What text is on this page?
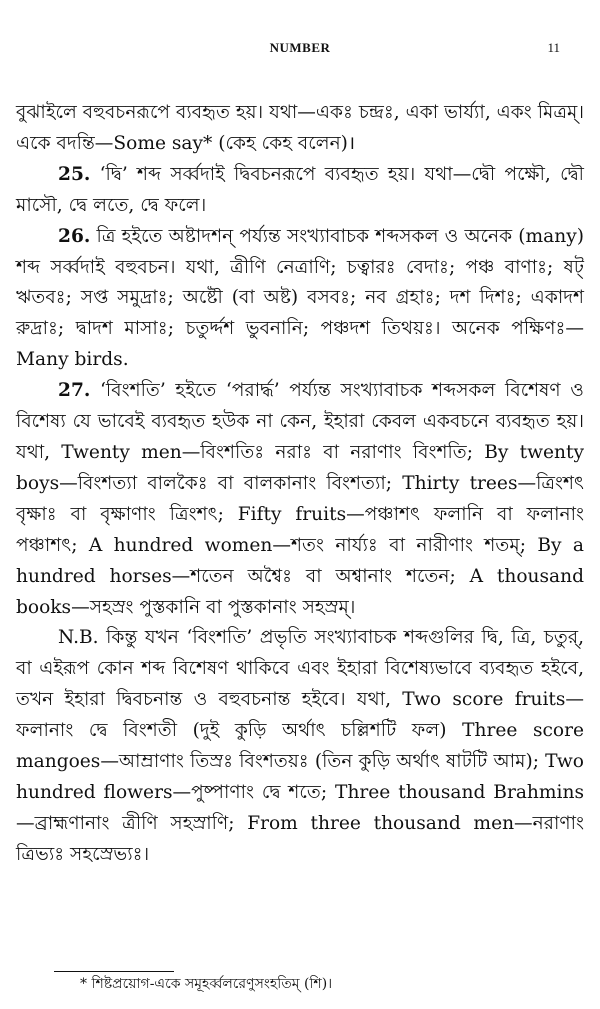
NUMBER	11

বুঝাইলে বহুবচনরূপে ব্যবহৃত হয়। যথা—একঃ চন্দ্রঃ, একা ভার্য্যা, একং মিত্রম্। একে বদন্তি—Some say* (কেহ কেহ বলেন)।

25. ‘দ্বি’ শব্দ সর্ব্বদাই দ্বিবচনরূপে ব্যবহৃত হয়। যথা—দ্বৌ পক্ষৌ, দ্বৌ মাসৌ, দ্বে লতে, দ্বে ফলে।

26. ত্রি হইতে অষ্টাদশন্ পর্য্যন্ত সংখ্যাবাচক শব্দসকল ও অনেক (many) শব্দ সর্ব্বদাই বহুবচন। যথা, ত্রীণি নেত্রাণি; চত্বারঃ বেদাঃ; পঞ্চ বাণাঃ; ষট্ ঋতবঃ; সপ্ত সমুদ্রাঃ; অষ্টৌ (বা অষ্ট) বসবঃ; নব গ্রহাঃ; দশ দিশঃ; একাদশ রুদ্রাঃ; দ্বাদশ মাসাঃ; চতুর্দ্দশ ভুবনানি; পঞ্চদশ তিথয়ঃ। অনেক পক্ষিণঃ—Many birds.

27. ‘বিংশতি’ হইতে ‘পরার্দ্ধ’ পর্য্যন্ত সংখ্যাবাচক শব্দসকল বিশেষণ ও বিশেষ্য যে ভাবেই ব্যবহৃত হউক না কেন, ইহারা কেবল একবচনে ব্যবহৃত হয়। যথা, Twenty men—বিংশতিঃ নরাঃ বা নরাণাং বিংশতি; By twenty boys—বিংশত্যা বালকৈঃ বা বালকানাং বিংশত্যা; Thirty trees—ত্রিংশৎ বৃক্ষাঃ বা বৃক্ষাণাং ত্রিংশৎ; Fifty fruits—পঞ্চাশৎ ফলানি বা ফলানাং পঞ্চাশৎ; A hundred women—শতং নার্য্যঃ বা নারীণাং শতম্; By a hundred horses—শতেন অশ্বৈঃ বা অশ্বানাং শতেন; A thousand books—সহস্রং পুস্তকানি বা পুস্তকানাং সহস্রম্।

N.B. কিন্তু যখন ‘বিংশতি’ প্রভৃতি সংখ্যাবাচক শব্দগুলির দ্বি, ত্রি, চতুর্, বা এইরূপ কোন শব্দ বিশেষণ থাকিবে এবং ইহারা বিশেষ্যভাবে ব্যবহৃত হইবে, তখন ইহারা দ্বিবচনান্ত ও বহুবচনান্ত হইবে। যথা, Two score fruits—ফলানাং দ্বে বিংশতী (দুই কুড়ি অর্থাৎ চল্লিশটি ফল) Three score mangoes—আম্রাণাং তিস্রঃ বিংশতয়ঃ (তিন কুড়ি অর্থাৎ ষাটটি আম); Two hundred flowers—পুষ্পাণাং দ্বে শতে; Three thousand Brahmins—ব্রাহ্মণানাং ত্রীণি সহস্রাণি; From three thousand men—নরাণাং ত্রিভ্যঃ সহস্রেভ্যঃ।

* শিষ্টপ্রয়োগ-একে সমূহর্ব্বলরেণুসংহতিম্ (শি)।
